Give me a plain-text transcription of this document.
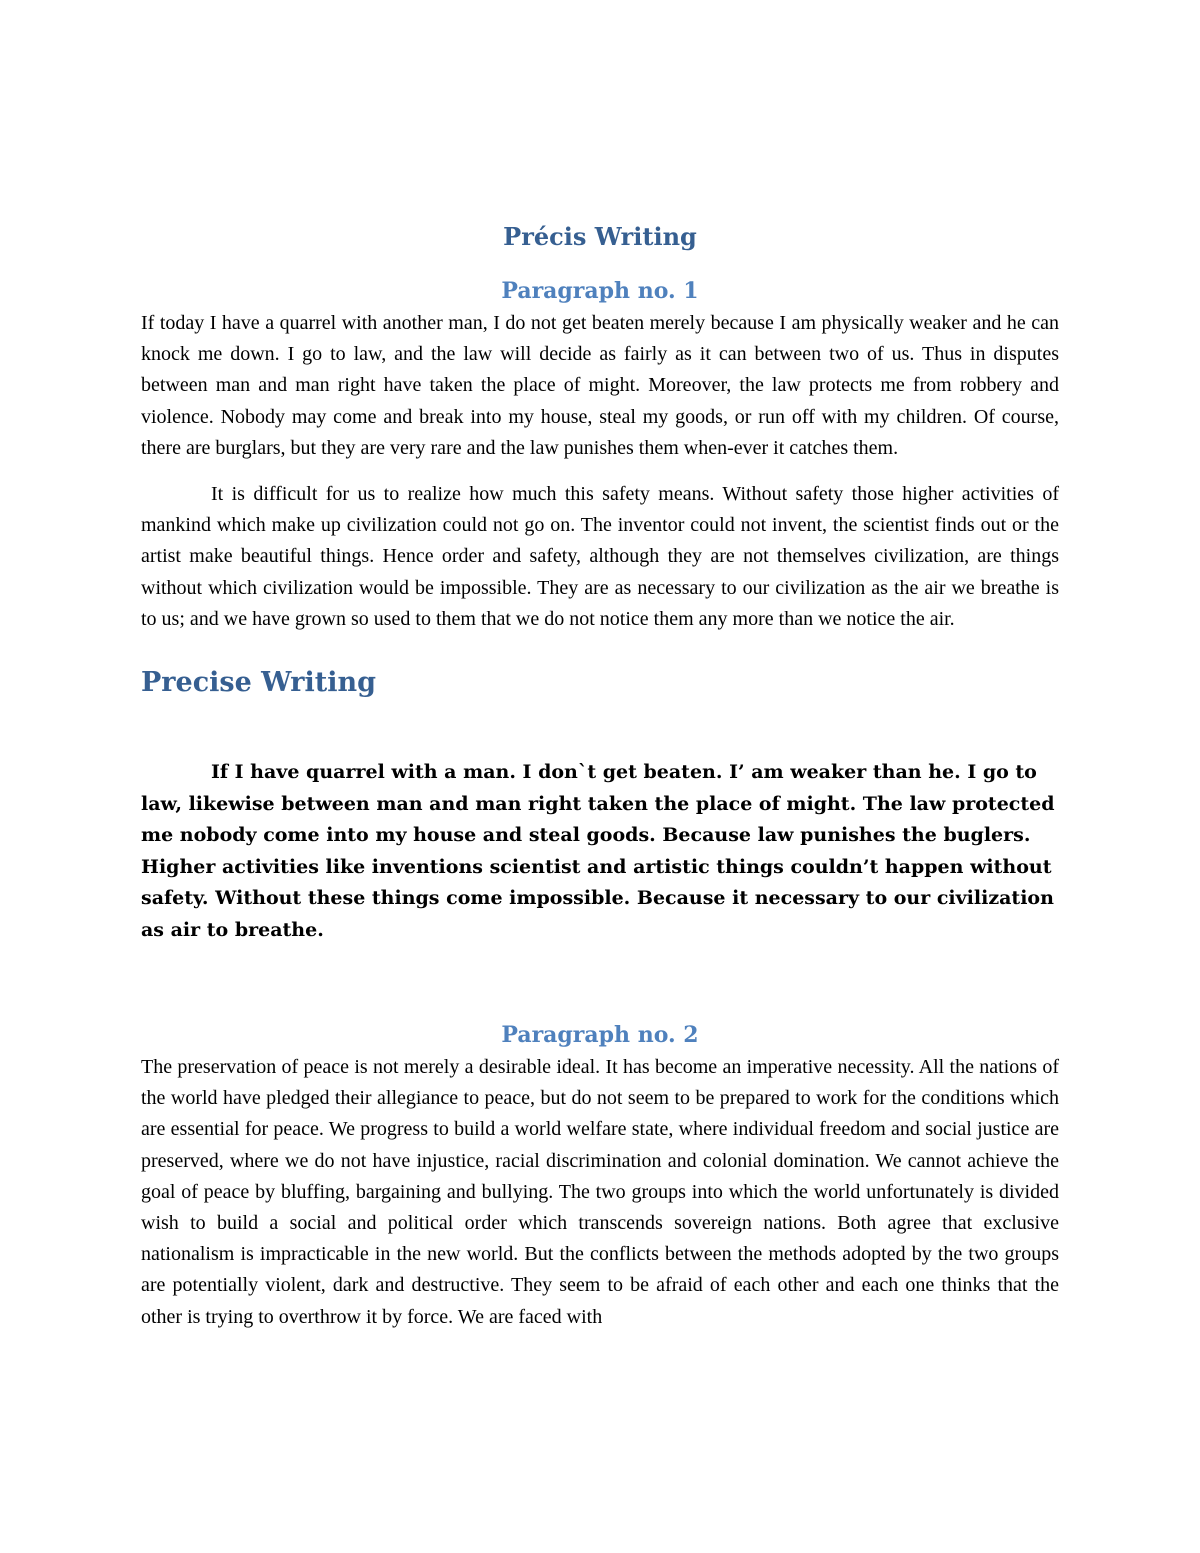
Précis Writing
Paragraph no. 1

If today I have a quarrel with another man, I do not get beaten merely because I am physically weaker and he can knock me down. I go to law, and the law will decide as fairly as it can between two of us. Thus in disputes between man and man right have taken the place of might. Moreover, the law protects me from robbery and violence. Nobody may come and break into my house, steal my goods, or run off with my children. Of course, there are burglars, but they are very rare and the law punishes them when-ever it catches them.

It is difficult for us to realize how much this safety means. Without safety those higher activities of mankind which make up civilization could not go on. The inventor could not invent, the scientist finds out or the artist make beautiful things. Hence order and safety, although they are not themselves civilization, are things without which civilization would be impossible. They are as necessary to our civilization as the air we breathe is to us; and we have grown so used to them that we do not notice them any more than we notice the air.

Precise Writing

If I have quarrel with a man. I don`t get beaten. I’ am weaker than he. I go to law, likewise between man and man right taken the place of might. The law protected me nobody come into my house and steal goods. Because law punishes the buglers. Higher activities like inventions scientist and artistic things couldn’t happen without safety. Without these things come impossible. Because it necessary to our civilization as air to breathe.

Paragraph no. 2

The preservation of peace is not merely a desirable ideal. It has become an imperative necessity. All the nations of the world have pledged their allegiance to peace, but do not seem to be prepared to work for the conditions which are essential for peace. We progress to build a world welfare state, where individual freedom and social justice are preserved, where we do not have injustice, racial discrimination and colonial domination. We cannot achieve the goal of peace by bluffing, bargaining and bullying. The two groups into which the world unfortunately is divided wish to build a social and political order which transcends sovereign nations. Both agree that exclusive nationalism is impracticable in the new world. But the conflicts between the methods adopted by the two groups are potentially violent, dark and destructive. They seem to be afraid of each other and each one thinks that the other is trying to overthrow it by force. We are faced with
